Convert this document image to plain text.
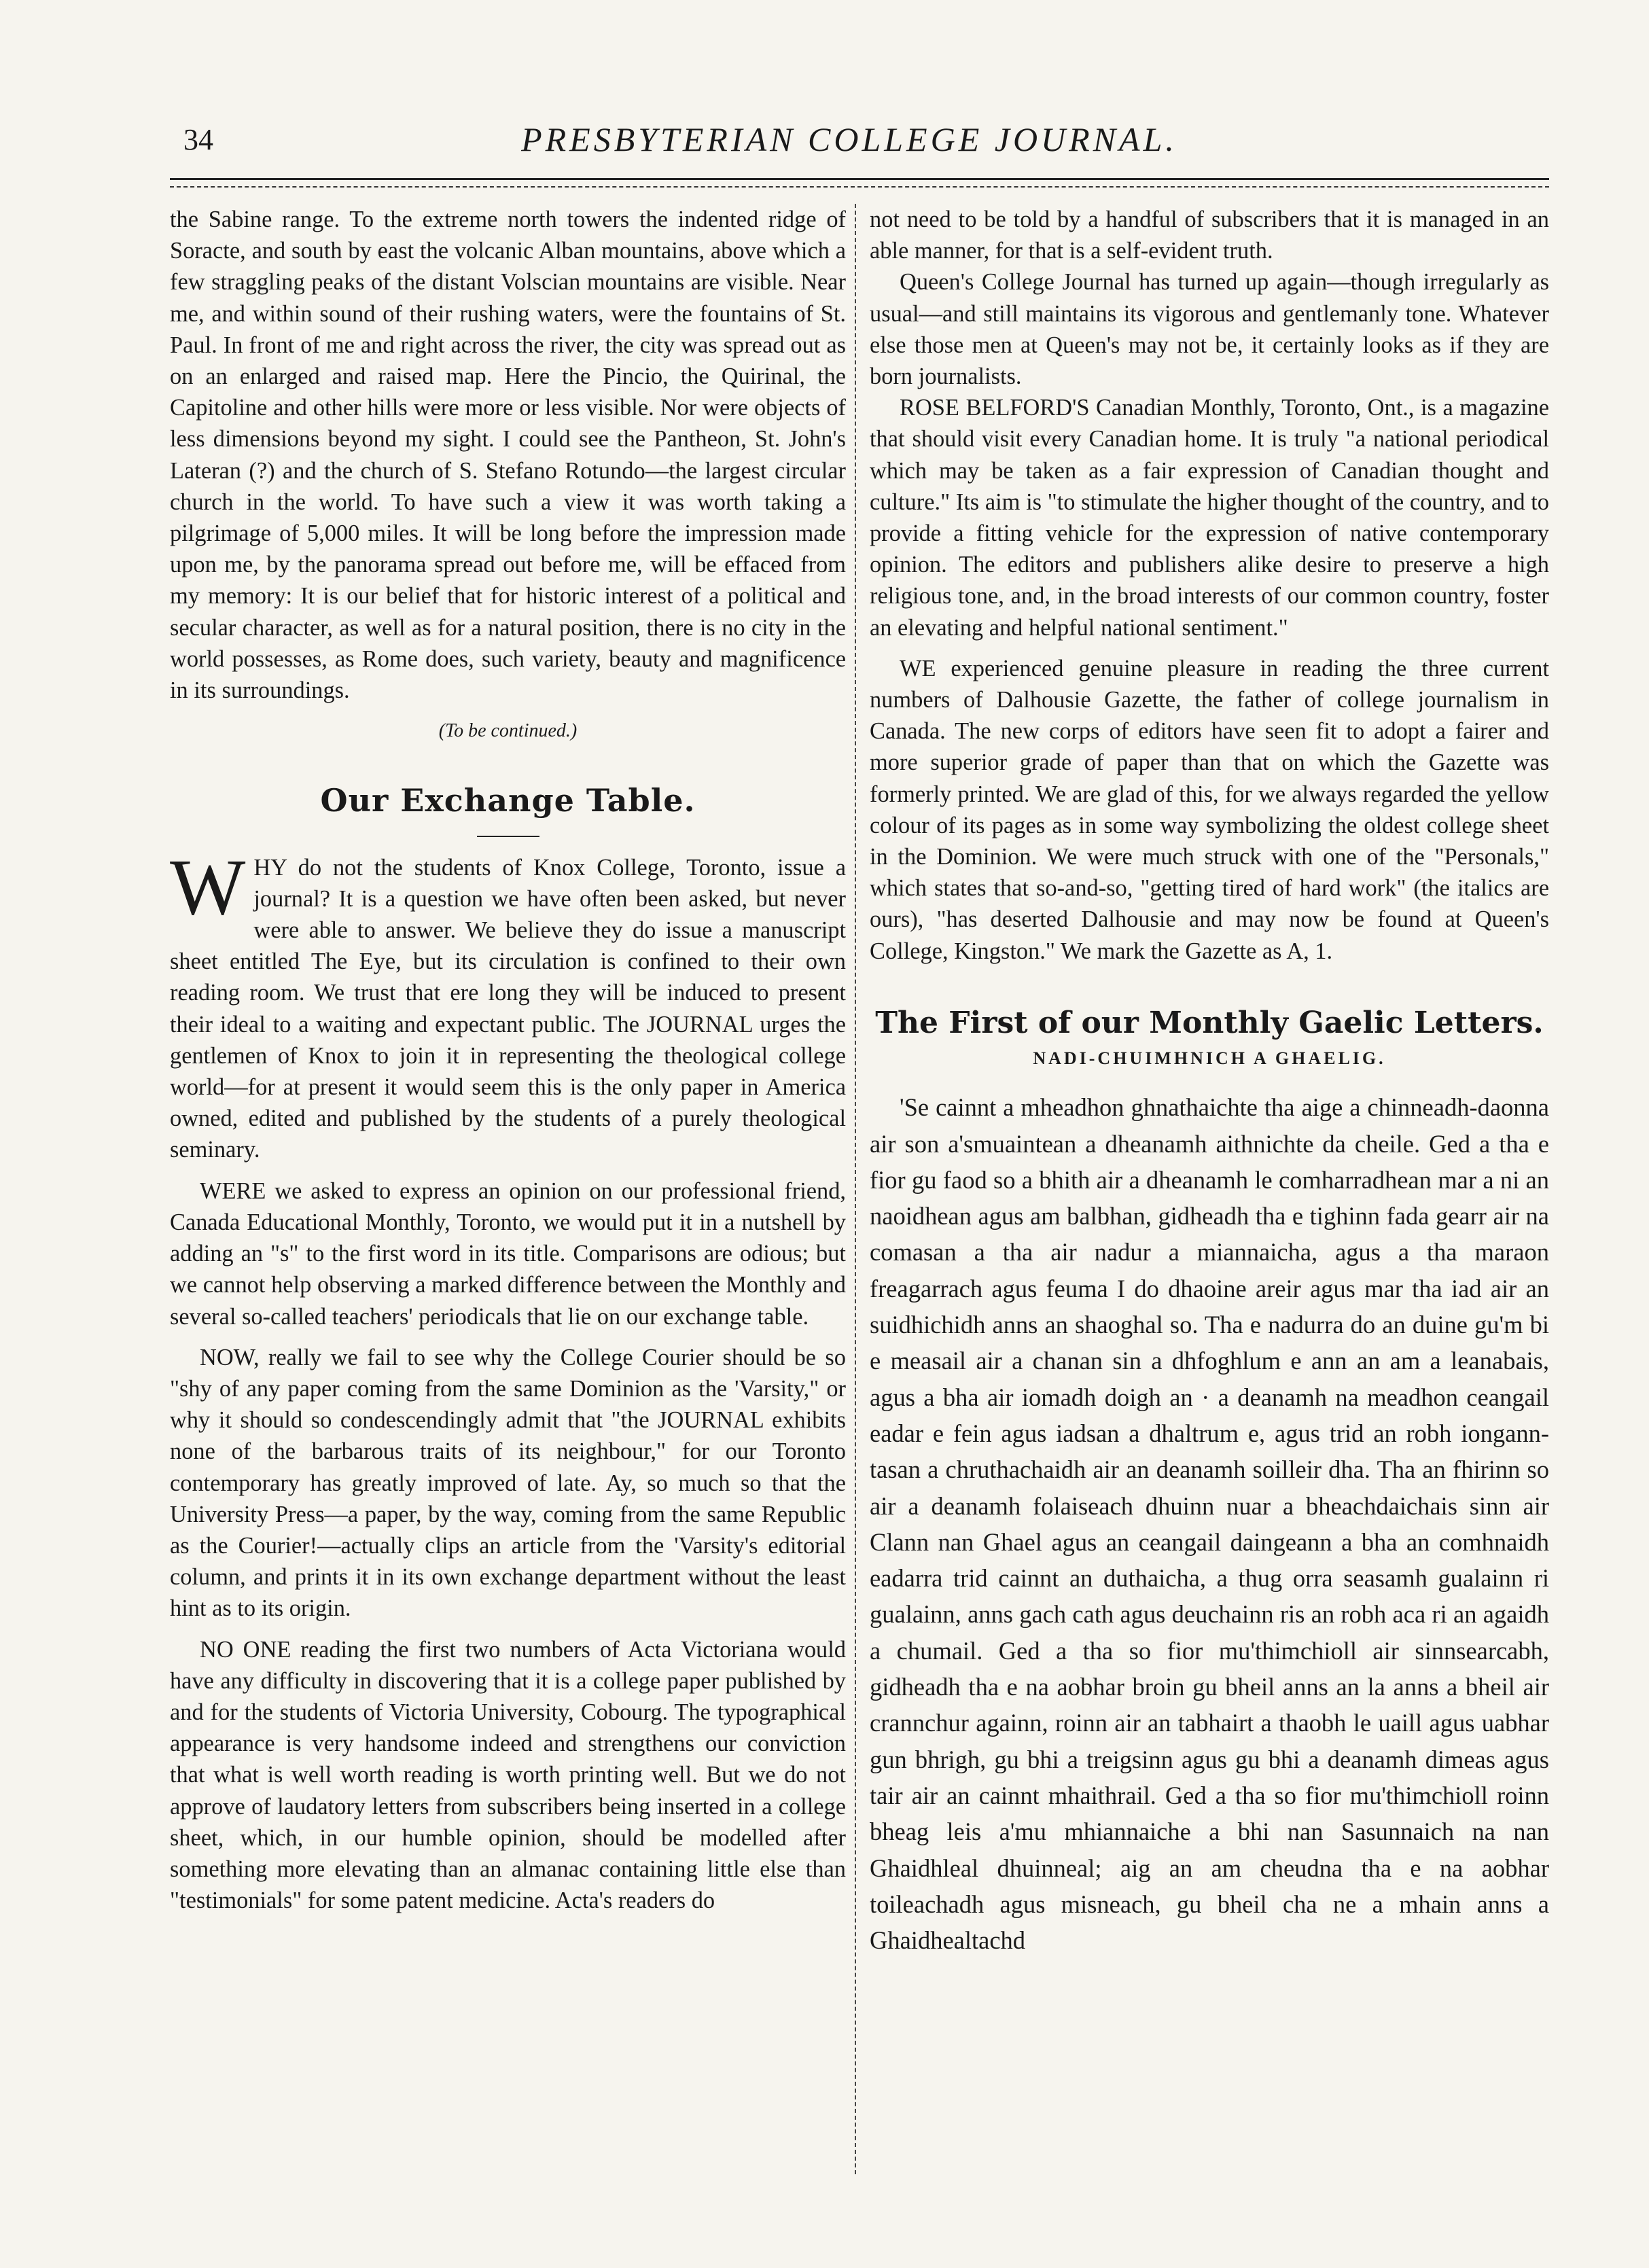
34	PRESBYTERIAN COLLEGE JOURNAL.

the Sabine range. To the extreme north towers the indented ridge of Soracte, and south by east the volcanic Alban mountains, above which a few straggling peaks of the distant Volscian mountains are visible. Near me, and within sound of their rushing waters, were the fountains of St. Paul. In front of me and right across the river, the city was spread out as on an enlarged and raised map. Here the Pincio, the Quirinal, the Capitoline and other hills were more or less visible. Nor were objects of less dimensions beyond my sight. I could see the Pantheon, St. John's Lateran (?) and the church of S. Stefano Rotundo—the largest circular church in the world. To have such a view it was worth taking a pilgrimage of 5,000 miles. It will be long before the impression made upon me, by the panorama spread out before me, will be effaced from my memory: It is our belief that for historic interest of a political and secular character, as well as for a natural position, there is no city in the world possesses, as Rome does, such variety, beauty and magnificence in its surroundings.

(To be continued.)

Our Exchange Table.

WHY do not the students of Knox College, Toronto, issue a journal? It is a question we have often been asked, but never were able to answer. We believe they do issue a manuscript sheet entitled The Eye, but its circulation is confined to their own reading room. We trust that ere long they will be induced to present their ideal to a waiting and expectant public. The JOURNAL urges the gentlemen of Knox to join it in representing the theological college world—for at present it would seem this is the only paper in America owned, edited and published by the students of a purely theological seminary.

WERE we asked to express an opinion on our professional friend, Canada Educational Monthly, Toronto, we would put it in a nutshell by adding an "s" to the first word in its title. Comparisons are odious; but we cannot help observing a marked difference between the Monthly and several so-called teachers' periodicals that lie on our exchange table.

NOW, really we fail to see why the College Courier should be so "shy of any paper coming from the same Dominion as the 'Varsity," or why it should so condescendingly admit that "the JOURNAL exhibits none of the barbarous traits of its neighbour," for our Toronto contemporary has greatly improved of late. Ay, so much so that the University Press—a paper, by the way, coming from the same Republic as the Courier!—actually clips an article from the 'Varsity's editorial column, and prints it in its own exchange department without the least hint as to its origin.

NO ONE reading the first two numbers of Acta Victoriana would have any difficulty in discovering that it is a college paper published by and for the students of Victoria University, Cobourg. The typographical appearance is very handsome indeed and strengthens our conviction that what is well worth reading is worth printing well. But we do not approve of laudatory letters from subscribers being inserted in a college sheet, which, in our humble opinion, should be modelled after something more elevating than an almanac containing little else than "testimonials" for some patent medicine. Acta's readers do

not need to be told by a handful of subscribers that it is managed in an able manner, for that is a self-evident truth.

Queen's College Journal has turned up again—though irregularly as usual—and still maintains its vigorous and gentlemanly tone. Whatever else those men at Queen's may not be, it certainly looks as if they are born journalists.

ROSE BELFORD'S Canadian Monthly, Toronto, Ont., is a magazine that should visit every Canadian home. It is truly "a national periodical which may be taken as a fair expression of Canadian thought and culture." Its aim is "to stimulate the higher thought of the country, and to provide a fitting vehicle for the expression of native contemporary opinion. The editors and publishers alike desire to preserve a high religious tone, and, in the broad interests of our common country, foster an elevating and helpful national sentiment."

WE experienced genuine pleasure in reading the three current numbers of Dalhousie Gazette, the father of college journalism in Canada. The new corps of editors have seen fit to adopt a fairer and more superior grade of paper than that on which the Gazette was formerly printed. We are glad of this, for we always regarded the yellow colour of its pages as in some way symbolizing the oldest college sheet in the Dominion. We were much struck with one of the "Personals," which states that so-and-so, "getting tired of hard work" (the italics are ours), "has deserted Dalhousie and may now be found at Queen's College, Kingston." We mark the Gazette as A, 1.

The First of our Monthly Gaelic Letters.
NADI-CHUIMHNICH A GHAELIG.

'Se cainnt a mheadhon ghnathaichte tha aige a chinneadh-daonna air son a'smuaintean a dheanamh aithnichte da cheile. Ged a tha e fior gu faod so a bhith air a dheanamh le comharradhean mar a ni an naoidhean agus am balbhan, gidheadh tha e tighinn fada gearr air na comasan a tha air nadur a miannaicha, agus a tha maraon freagarrach agus feuma I do dhaoine areir agus mar tha iad air an suidhichidh anns an shaoghal so. Tha e nadurra do an duine gu'm bi e measail air a chanan sin a dhfoghlum e ann an am a leanabais, agus a bha air iomadh doigh an · a deanamh na meadhon ceangail eadar e fein agus iadsan a dhaltrum e, agus trid an robh iongann-tasan a chruthachaidh air an deanamh soilleir dha. Tha an fhirinn so air a deanamh folaiseach dhuinn nuar a bheachdaichais sinn air Clann nan Ghael agus an ceangail daingeann a bha an comhnaidh eadarra trid cainnt an duthaicha, a thug orra seasamh gualainn ri gualainn, anns gach cath agus deuchainn ris an robh aca ri an agaidh a chumail. Ged a tha so fior mu'thimchioll air sinnsearcabh, gidheadh tha e na aobhar broin gu bheil anns an la anns a bheil air crannchur againn, roinn air an tabhairt a thaobh le uaill agus uabhar gun bhrigh, gu bhi a treigsinn agus gu bhi a deanamh dimeas agus tair air an cainnt mhaithrail. Ged a tha so fior mu'thimchioll roinn bheag leis a'mu mhiannaiche a bhi nan Sasunnaich na nan Ghaidhleal dhuinneal; aig an am cheudna tha e na aobhar toileachadh agus misneach, gu bheil cha ne a mhain anns a Ghaidhealtachd
